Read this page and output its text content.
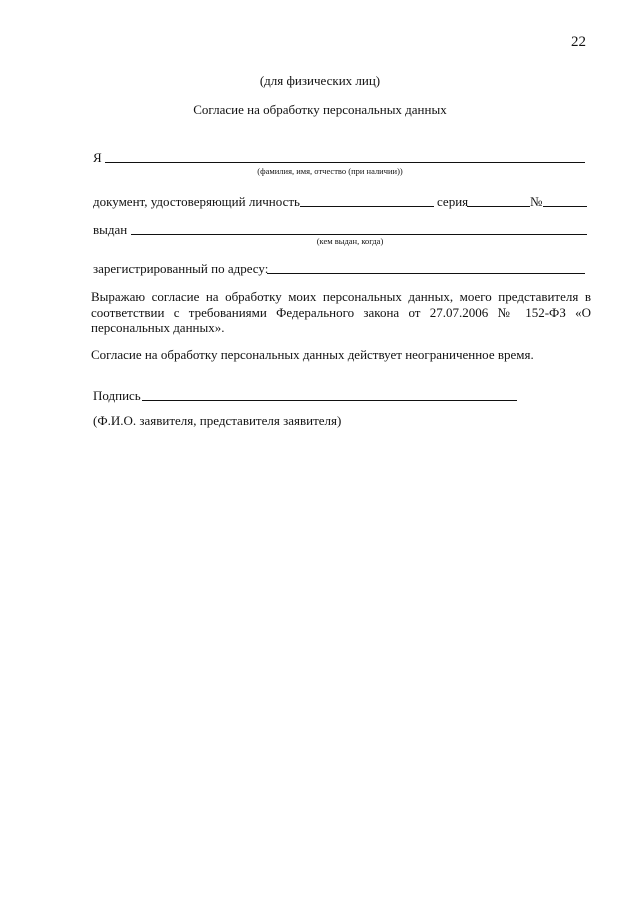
22
(для физических лиц)
Согласие на обработку персональных данных
Я
(фамилия, имя, отчество (при наличии))
документ, удостоверяющий личность	серия	№
выдан
(кем выдан, когда)
зарегистрированный по адресу:
Выражаю согласие на обработку моих персональных данных, моего представителя в соответствии с требованиями Федерального закона от 27.07.2006 № 152-ФЗ «О персональных данных».
Согласие на обработку персональных данных действует неограниченное время.
Подпись
(Ф.И.О. заявителя, представителя заявителя)
